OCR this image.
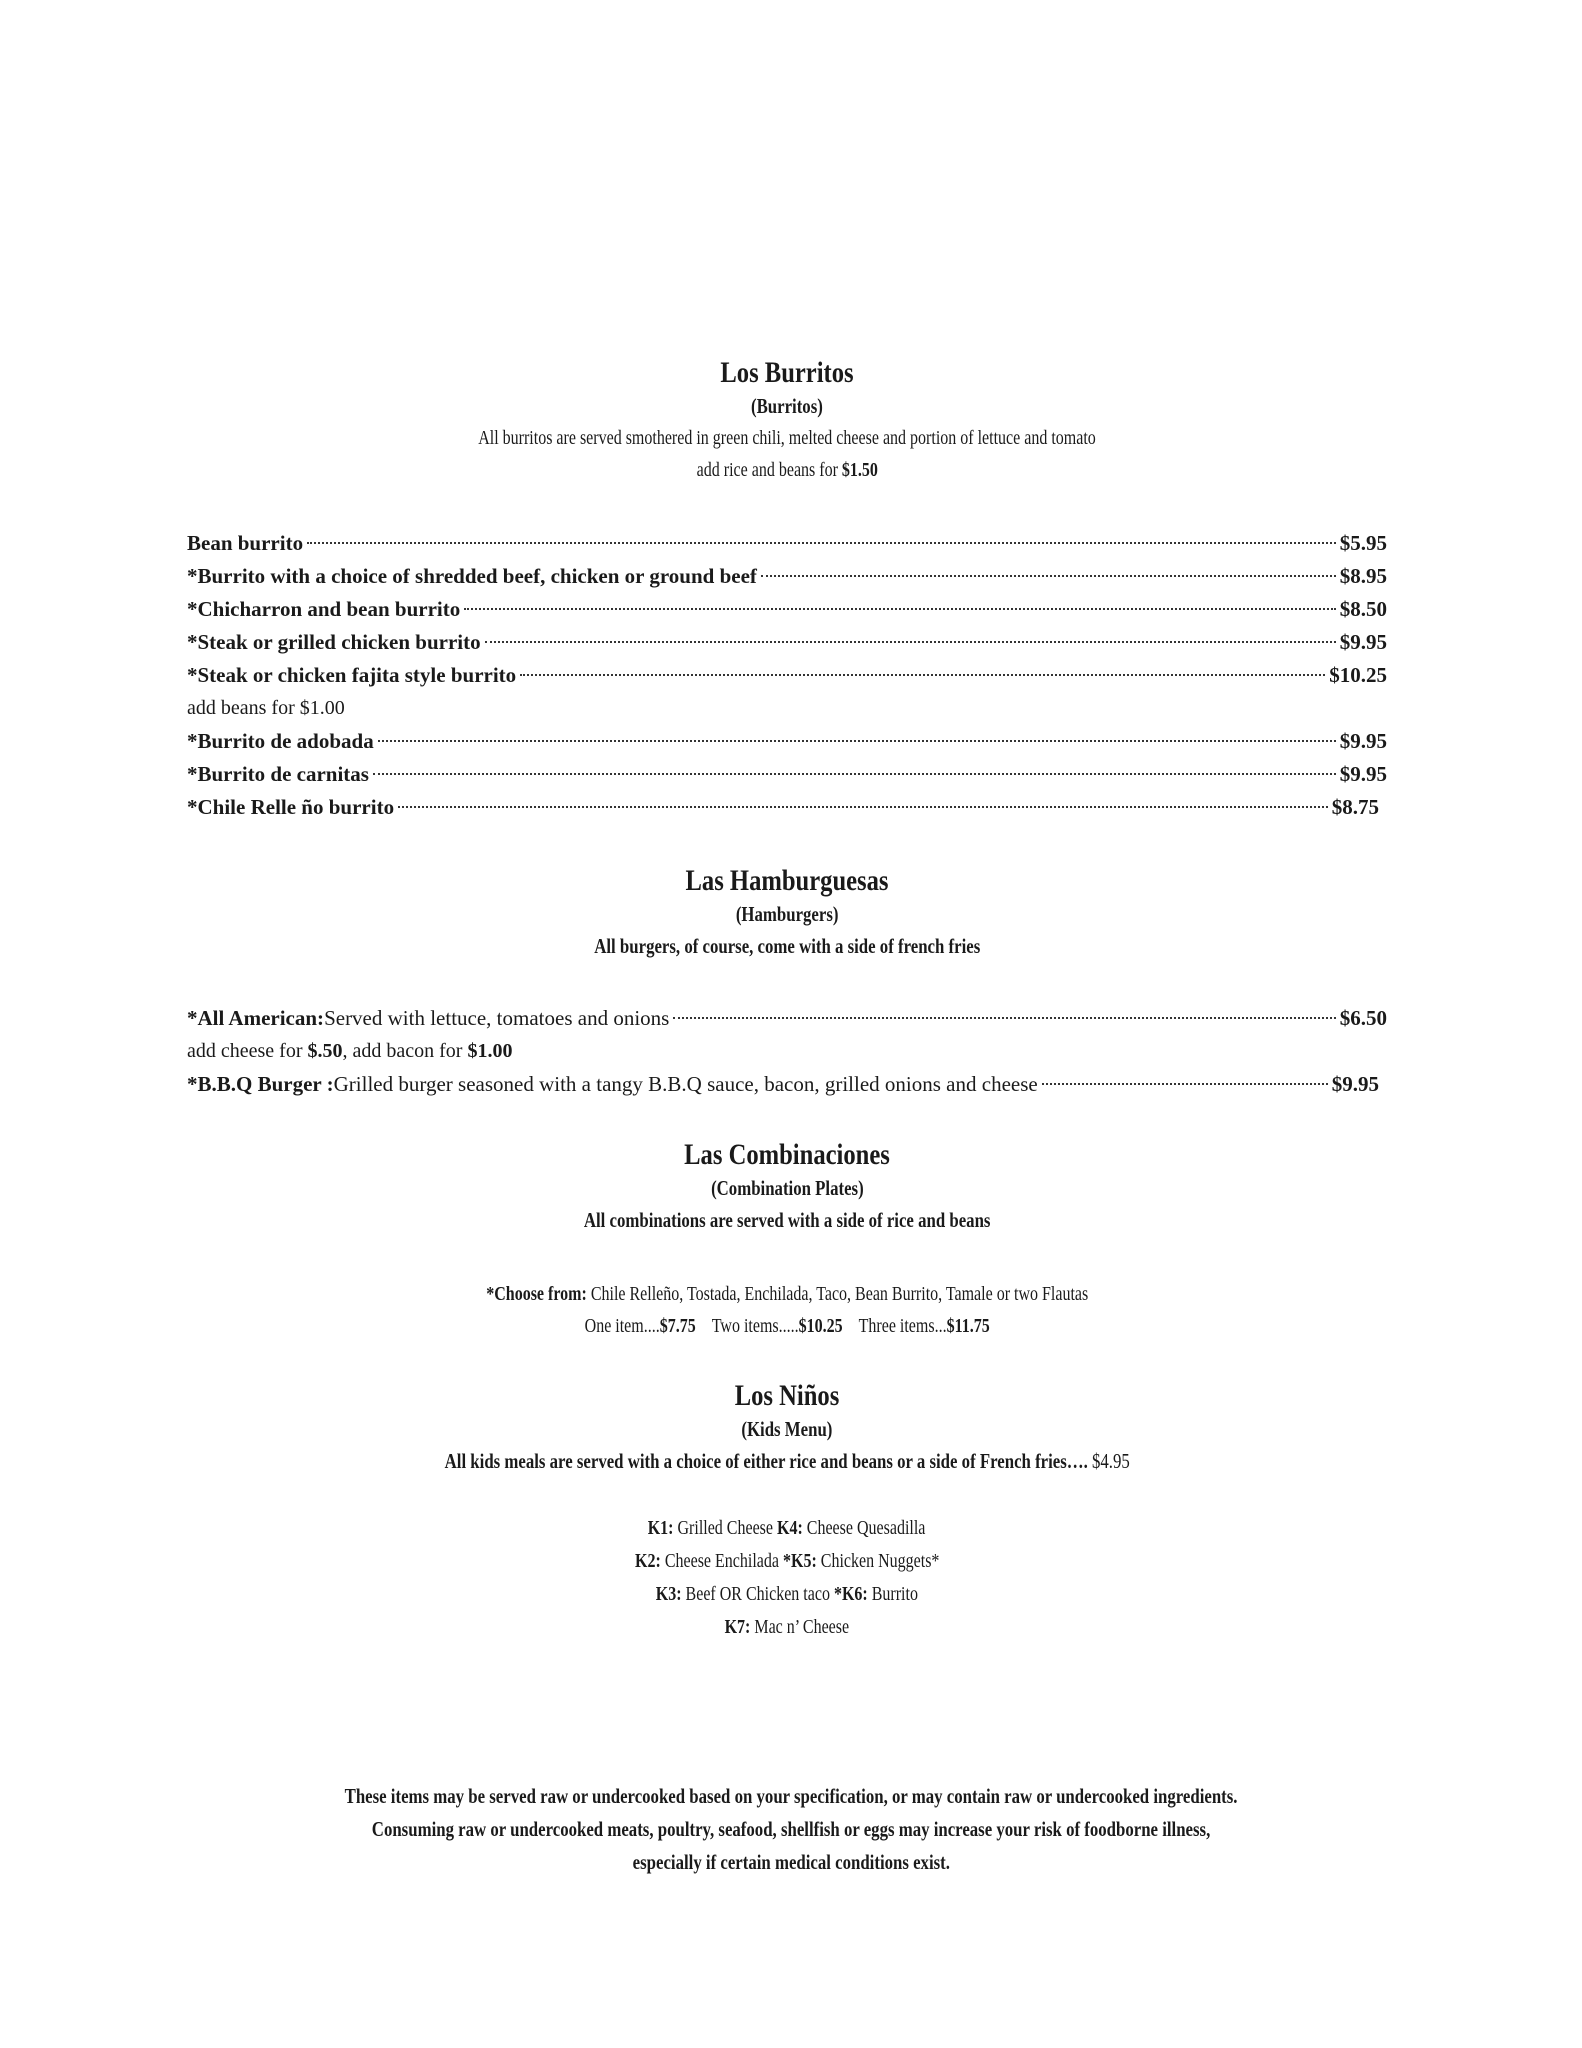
Los Burritos
(Burritos)
All burritos are served smothered in green chili, melted cheese and portion of lettuce and tomato
add rice and beans for $1.50
Bean burrito	$5.95
*Burrito with a choice of shredded beef, chicken or ground beef	$8.95
*Chicharron and bean burrito	$8.50
*Steak or grilled chicken burrito	$9.95
*Steak or chicken fajita style burrito	$10.25
add beans for $1.00
*Burrito de adobada	$9.95
*Burrito de carnitas	$9.95
*Chile Relle ño burrito	$8.75
Las Hamburguesas
(Hamburgers)
All burgers, of course, come with a side of french fries
*All American: Served with lettuce, tomatoes and onions	$6.50
add cheese for $.50, add bacon for $1.00
*B.B.Q Burger : Grilled burger seasoned with a tangy B.B.Q sauce, bacon, grilled onions and cheese	$9.95
Las Combinaciones
(Combination Plates)
All combinations are served with a side of rice and beans
*Choose from: Chile Relleño, Tostada, Enchilada, Taco, Bean Burrito, Tamale or two Flautas
One item....$7.75 Two items.....$10.25 Three items...$11.75
Los Niños
(Kids Menu)
All kids meals are served with a choice of either rice and beans or a side of French fries…. $4.95
K1: Grilled Cheese K4: Cheese Quesadilla
K2: Cheese Enchilada *K5: Chicken Nuggets*
K3: Beef OR Chicken taco *K6: Burrito
K7: Mac n’ Cheese
These items may be served raw or undercooked based on your specification, or may contain raw or undercooked ingredients.
Consuming raw or undercooked meats, poultry, seafood, shellfish or eggs may increase your risk of foodborne illness,
especially if certain medical conditions exist.
